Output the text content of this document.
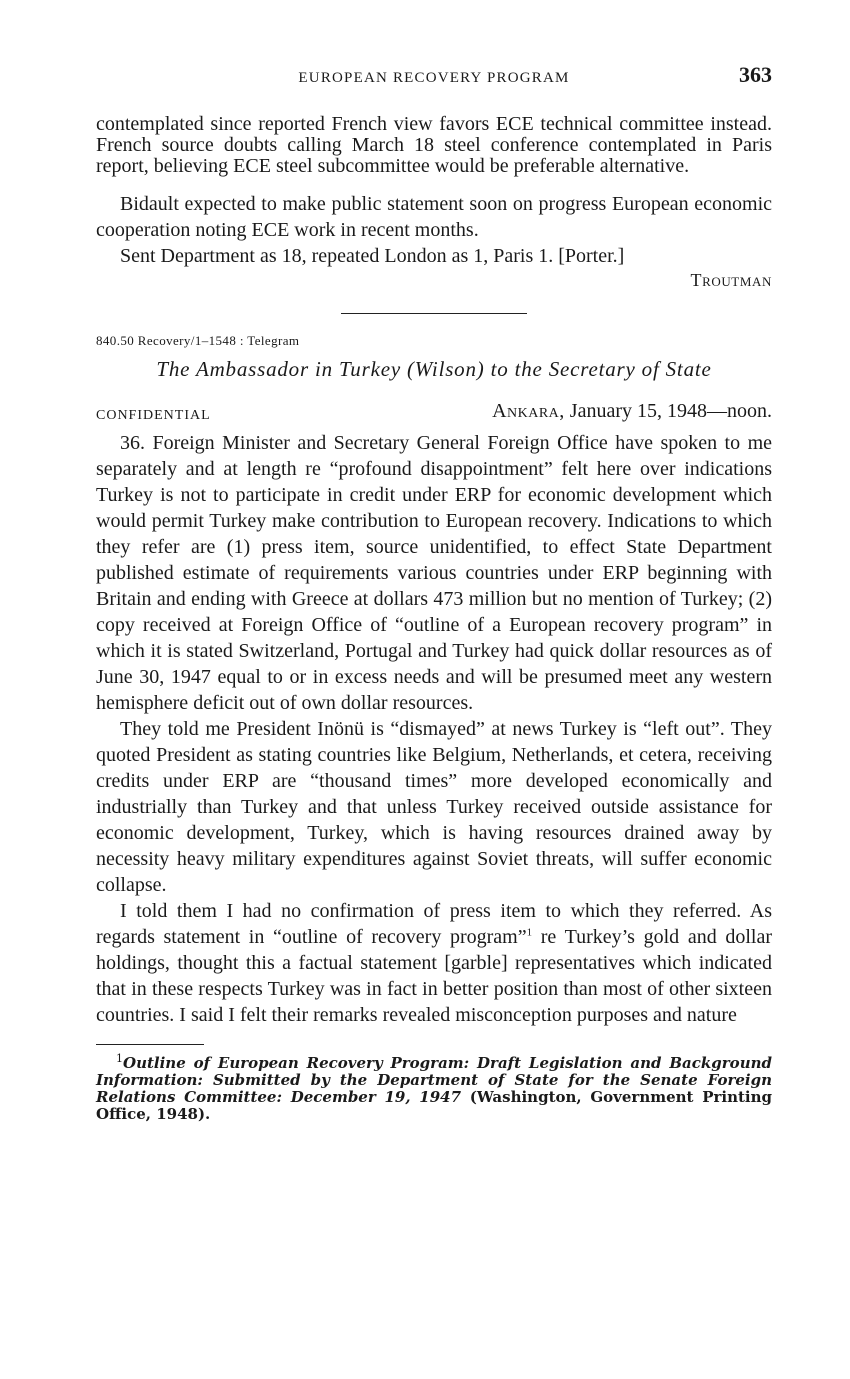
EUROPEAN RECOVERY PROGRAM	363

contemplated since reported French view favors ECE technical committee instead. French source doubts calling March 18 steel conference contemplated in Paris report, believing ECE steel subcommittee would be preferable alternative.

Bidault expected to make public statement soon on progress European economic cooperation noting ECE work in recent months.

Sent Department as 18, repeated London as 1, Paris 1. [Porter.]

Troutman
840.50 Recovery/1–1548 : Telegram
The Ambassador in Turkey (Wilson) to the Secretary of State
CONFIDENTIAL	Ankara, January 15, 1948—noon.

36. Foreign Minister and Secretary General Foreign Office have spoken to me separately and at length re “profound disappointment” felt here over indications Turkey is not to participate in credit under ERP for economic development which would permit Turkey make contribution to European recovery. Indications to which they refer are (1) press item, source unidentified, to effect State Department published estimate of requirements various countries under ERP beginning with Britain and ending with Greece at dollars 473 million but no mention of Turkey; (2) copy received at Foreign Office of “outline of a European recovery program” in which it is stated Switzerland, Portugal and Turkey had quick dollar resources as of June 30, 1947 equal to or in excess needs and will be presumed meet any western hemisphere deficit out of own dollar resources.

They told me President Inönü is “dismayed” at news Turkey is “left out”. They quoted President as stating countries like Belgium, Netherlands, et cetera, receiving credits under ERP are “thousand times” more developed economically and industrially than Turkey and that unless Turkey received outside assistance for economic development, Turkey, which is having resources drained away by necessity heavy military expenditures against Soviet threats, will suffer economic collapse.

I told them I had no confirmation of press item to which they referred. As regards statement in “outline of recovery program”$^1$ re Turkey’s gold and dollar holdings, thought this a factual statement [garble] representatives which indicated that in these respects Turkey was in fact in better position than most of other sixteen countries. I said I felt their remarks revealed misconception purposes and nature

$^1$Outline of European Recovery Program: Draft Legislation and Background Information: Submitted by the Department of State for the Senate Foreign Relations Committee: December 19, 1947 (Washington, Government Printing Office, 1948).
